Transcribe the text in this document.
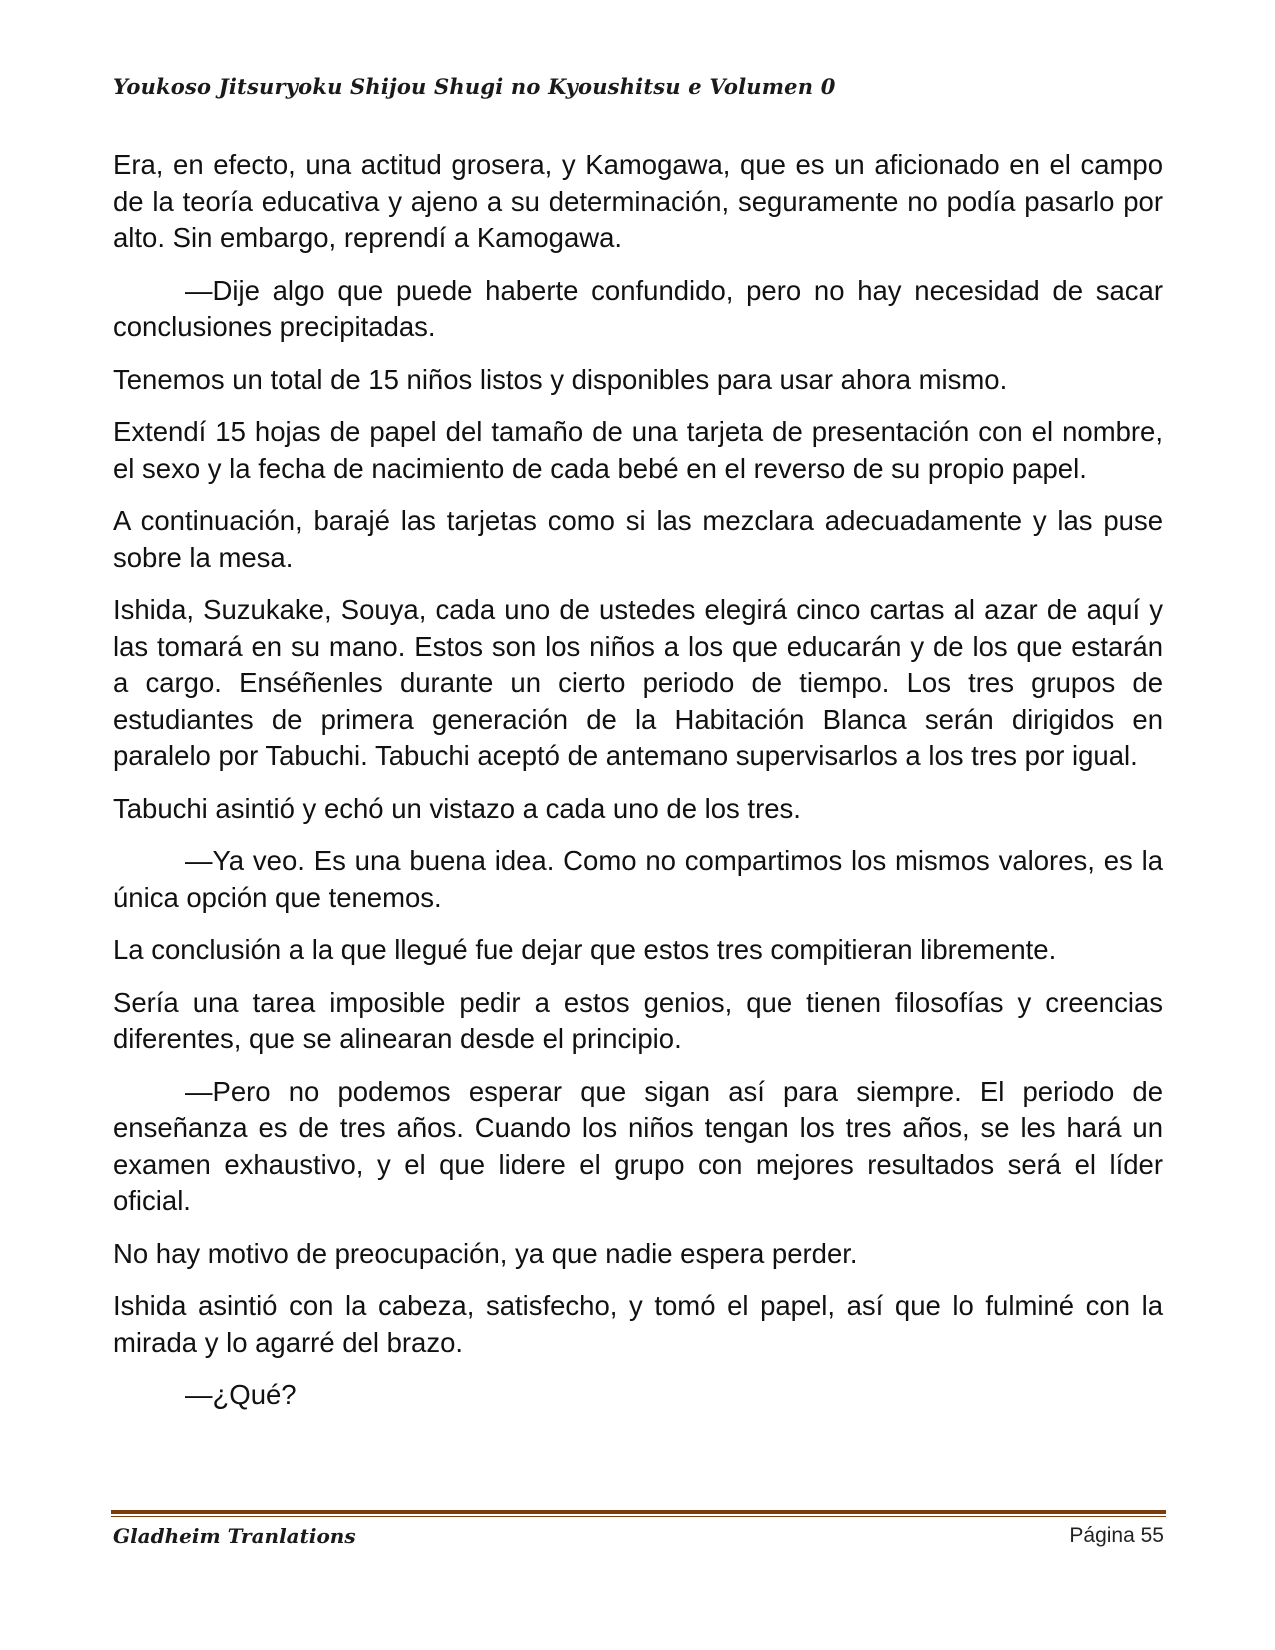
Youkoso Jitsuryoku Shijou Shugi no Kyoushitsu e Volumen 0

Era, en efecto, una actitud grosera, y Kamogawa, que es un aficionado en el campo de la teoría educativa y ajeno a su determinación, seguramente no podía pasarlo por alto. Sin embargo, reprendí a Kamogawa.

—Dije algo que puede haberte confundido, pero no hay necesidad de sacar conclusiones precipitadas.

Tenemos un total de 15 niños listos y disponibles para usar ahora mismo.

Extendí 15 hojas de papel del tamaño de una tarjeta de presentación con el nombre, el sexo y la fecha de nacimiento de cada bebé en el reverso de su propio papel.

A continuación, barajé las tarjetas como si las mezclara adecuadamente y las puse sobre la mesa.

Ishida, Suzukake, Souya, cada uno de ustedes elegirá cinco cartas al azar de aquí y las tomará en su mano. Estos son los niños a los que educarán y de los que estarán a cargo. Enséñenles durante un cierto periodo de tiempo. Los tres grupos de estudiantes de primera generación de la Habitación Blanca serán dirigidos en paralelo por Tabuchi. Tabuchi aceptó de antemano supervisarlos a los tres por igual.

Tabuchi asintió y echó un vistazo a cada uno de los tres.

—Ya veo. Es una buena idea. Como no compartimos los mismos valores, es la única opción que tenemos.

La conclusión a la que llegué fue dejar que estos tres compitieran libremente.

Sería una tarea imposible pedir a estos genios, que tienen filosofías y creencias diferentes, que se alinearan desde el principio.

—Pero no podemos esperar que sigan así para siempre. El periodo de enseñanza es de tres años. Cuando los niños tengan los tres años, se les hará un examen exhaustivo, y el que lidere el grupo con mejores resultados será el líder oficial.

No hay motivo de preocupación, ya que nadie espera perder.

Ishida asintió con la cabeza, satisfecho, y tomó el papel, así que lo fulminé con la mirada y lo agarré del brazo.

—¿Qué?

Gladheim Tranlations	Página 55
